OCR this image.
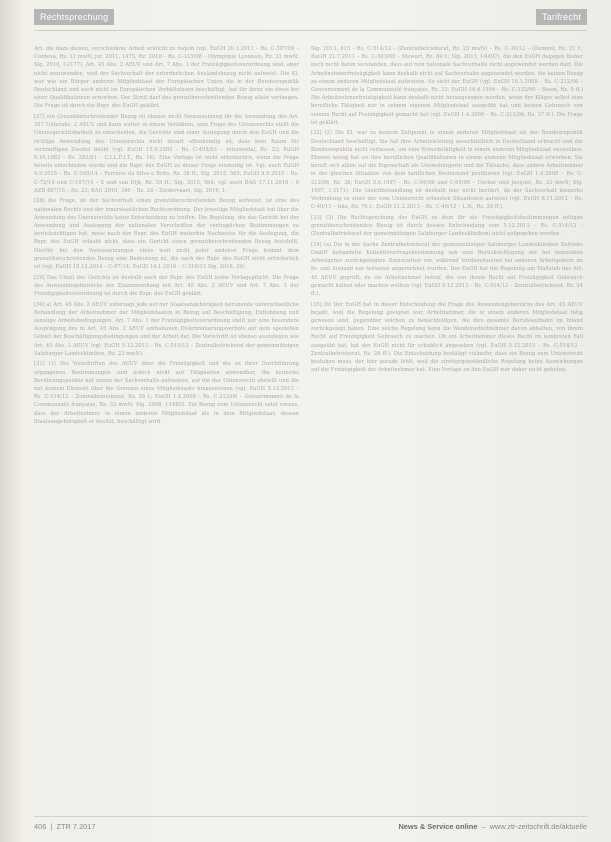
Rechtsprechung	Tarifrecht

Art. die dazu dienen, verschiedene Arbeit schlicht zu regeln (vgl. EuGH 20.1.2011 – Rs. C-307/09 – Cordova, Rz. 11 mwN; jur. 2011, 1475, Rz. 2010 – Rs. C-115/08 – Olympique Lyonnais, Rz. 33 mwN; Slg. 2010, I-2177). Art. 45 Abs. 2 AEUV und Art. 7 Abs. 1 der Freizügigkeitsverordnung sind, aber nicht anzuwenden, weil der Sachverhalt der erforderlichen Auslandsbezug nicht aufweist. Die Kl. war wie ein Bürger anderen Mitgliedstaat der Europäischen Union die in der Bundesrepublik Deutschland und auch nicht im Europäischen Verhältnissen beschäftigt, hat für ihren ein diese bei einer Qualifikationen erworben. Der Streit darf des grenzüberschreitenden Bezug allein verlangen. Die Frage ist durch die Rspr. des EuGH geklärt.

[27] ein Grenzüberschreitender Bezug ist ebenso nicht Voraussetzung für die Anwendung des Art. 267 Unterabs. 2 AEUV und kann weiter in einem Verfahren, eine Frage des Unionsrechts stellt die Unionsgerichtsbarkeit zu entscheiden, die Gerichte sind einer Auslegung durch den EuGH und die richtige Anwendung des Unionsrechts nicht derart offenkundig ist, dass kein Raum für vernünftigen Zweifel bleibt (vgl. EuGH 15.9.2005 – Rs. C-495/03 – Intermodal, Rz. 33; EuGH 6.10.1982 – Rs. 283/81 – C.I.L.F.I.T., Rz. 16). Eine Vorlage ist nicht erforderlich, wenn die Frage bereits entschieden wurde und die Rspr. des EuGH zu dieser Frage eindeutig ist. Vgl. auch EuGH 9.9.2015 – Rs. C-160/14 – Ferreira da Silva e Brito, Rz. 38 ff.; Slg. 2015, 565; EuGH 9.9.2015 – Rs. C-72/14 und C-197/14 – X und van Dijk, Rz. 55 ff.; Slg. 2015, 564; vgl. auch BAG 17.11.2016 – 6 AZR 487/15 – Rz. 23; BAG 2010, 346 – Rz. 28 – Zuidervaart, Slg. 2016, 1.

[28] die Frage, ob der Sachverhalt einen grenzüberschreitenden Bezug aufweist, ist eine des nationalen Rechts und der innerstaatlichen Rechtsordnung. Der jeweilige Mitgliedstaat hat über die Anwendung des Unionsrechts keine Entscheidung zu treffen. Die Regelung, die das Gericht bei der Anwendung und Auslegung der nationalen Vorschriften der vertraglichen Bestimmungen zu berücksichtigen hat, muss nach der Rspr. des EuGH weiterhin Nachweise für die Auslegung, die Rspr. des EuGH erlaubt nicht, dass ein Gericht einen grenzüberschreitenden Bezug feststellt. Hierfür bei den Voraussetzungen eines weit nicht jeder anderen Frage kommt dem grenzüberschreitenden Bezug eine Bedeutung zu, die nach der Rspr. des EuGH nicht erforderlich ist (vgl. EuGH 18.12.2014 – C-87/14; EuGH 14.1.2016 – C-316/13 Slg. 2016, 29).

[29] Das Urteil des Gerichts ist deshalb nach der Rspr. des EuGH keine Vorlagepflicht. Die Frage des Anwendungsbereichs der Zusammenhang mit Art. 45 Abs. 2 AEUV und Art. 7 Abs. 1 der Freizügigkeitsverordnung ist durch die Rspr. des EuGH geklärt.

[30] a) Art. 45 Abs. 2 AEUV untersagt jede auf der Staatsangehörigkeit beruhende unterschiedliche Behandlung der Arbeitnehmer der Mitgliedstaaten in Bezug auf Beschäftigung, Entlohnung und sonstige Arbeitsbedingungen. Art. 7 Abs. 1 der Freizügigkeitsverordnung stellt nur eine besondere Ausprägung des in Art. 45 Abs. 2 AEUV enthaltenen Diskriminierungsverbots auf dem speziellen Gebiet der Beschäftigungsbedingungen und der Arbeit dar. Die Vorschrift ist ebenso auszulegen wie Art. 45 Abs. 2 AEUV (vgl. EuGH 5.12.2013 – Rs. C-514/12 – Zentralbetriebsrat der gemeinnützigen Salzburger Landeskliniken, Rz. 23 mwN).

[31] (1) Die Vorschriften des AEUV über die Freizügigkeit und die zu ihrer Durchführung ergangenen Bestimmungen sind jedoch nicht auf Tätigkeiten anwendbar, die keinerlei Berührungspunkte mit einem der Sachverhalte aufweisen, auf die das Unionsrecht abstellt und die mit keinem Element über die Grenzen eines Mitgliedstaats hinausweisen (vgl. EuGH 5.12.2013 – Rs. C-514/12 – Zentralbetriebsrat, Rz. 26 f.; EuGH 1.4.2008 – Rs. C-212/06 – Gouvernement de la Communauté française, Rz. 33 mwN; Slg. 2008, I-1683). Ein Bezug zum Unionsrecht setzt voraus, dass der Arbeitnehmer in einem anderen Mitgliedstaat als in dem Mitgliedstaat, dessen Staatsangehörigkeit er besitzt, beschäftigt wird.

Slg. 2013, 815 – Rs. C-514/12 – (Zentralbetriebsrat, Rz. 23 mwN) – Rs. C-39/12 – (Dumont, Rz. 21 f.; EuGH 21.7.2011 – Rs. C-503/09 – Stewart, Rz. 80 f.; Slg. 2011, I-6497), die den EuGH dagegen bisher noch nicht dahin verstanden, dass auf rein nationale Sachverhalte nicht angewendet werden darf. Die Arbeitnehmerfreizügigkeit kann deshalb nicht auf Sachverhalte angewendet werden, die keinen Bezug zu einem anderen Mitgliedstaat aufweisen. So sieht der EuGH (vgl. EuGH 16.1.2008 – Rs. C-212/06 – Gouvernement de la Communauté française, Rz. 33; EuGH 16.6.1994 – Rs. C-332/90 – Steen, Rz. 9 ff.) Die Arbeitnehmerfreizügigkeit kann deshalb nicht herangezogen werden, wenn der Kläger selbst eine berufliche Tätigkeit nur in seinem eigenen Mitgliedstaat ausgeübt hat und keinen Gebrauch von seinem Recht auf Freizügigkeit gemacht hat (vgl. EuGH 1.4.2008 – Rs. C-212/06, Rz. 37 ff.). Die Frage ist geklärt.

[32] (2) Die Kl. war zu keinem Zeitpunkt in einem anderen Mitgliedstaat als der Bundesrepublik Deutschland beschäftigt. Sie hat ihre Arbeitsleistung ausschließlich in Deutschland erbracht und die Bundesrepublik nicht verlassen, um eine Erwerbstätigkeit in einem anderen Mitgliedstaat auszuüben. Ebenso wenig hat sie ihre beruflichen Qualifikationen in einem anderen Mitgliedstaat erworben. Sie beruft sich allein auf die Eigenschaft als Unionsbürgerin und die Tatsache, dass andere Arbeitnehmer in der gleichen Situation von dem tariflichen Besitzstand profitieren (vgl. EuGH 1.4.2008 – Rs. C-212/06, Rz. 38; EuGH 5.6.1997 – Rs. C-64/96 und C-65/96 – Uecker und Jacquet, Rz. 23 mwN; Slg. 1997, I-3171). Die Gleichbehandlung ist deshalb hier nicht berührt, da der Sachverhalt keinerlei Verbindung zu einer der vom Unionsrecht erfassten Situationen aufweist (vgl. EuGH 8.11.2012 – Rs. C-40/11 – Iida, Rz. 76 f.; EuGH 21.2.2013 – Rs. C-46/12 – L.N., Rz. 28 ff.).

[33] (3) Die Rechtsprechung des EuGH zu dem für die Freizügigkeitsbestimmungen nötigen grenzüberschreitenden Bezug ist durch dessen Entscheidung vom 5.12.2013 – Rs. C-514/12 – (Zentralbetriebsrat der gemeinnützigen Salzburger Landeskliniken) nicht aufgegeben worden.

[34] (a) Die in der Sache Zentralbetriebsrat der gemeinnützigen Salzburger Landeskliniken Betriebs GmbH behandelte Kollektivvertragsbestimmung sah eine Berücksichtigung der bei demselben Arbeitgeber zurückgelegten Dienstzeiten vor, während Vordienstzeiten bei anderen Arbeitgebern im In- und Ausland nur teilweise angerechnet wurden. Der EuGH hat die Regelung am Maßstab des Art. 45 AEUV geprüft, da sie Arbeitnehmer betraf, die von ihrem Recht auf Freizügigkeit Gebrauch gemacht hatten oder machen wollten (vgl. EuGH 5.12.2013 – Rs. C-514/12 – Zentralbetriebsrat, Rz. 24 ff.).

[35] (b) Der EuGH hat in dieser Entscheidung die Frage des Anwendungsbereichs des Art. 45 AEUV bejaht, weil die Regelung geeignet war, Arbeitnehmer, die in einem anderen Mitgliedstaat tätig gewesen sind, gegenüber solchen zu benachteiligen, die ihre gesamte Berufslaufbahn im Inland zurückgelegt haben. Eine solche Regelung kann die Wanderarbeitnehmer davon abhalten, von ihrem Recht auf Freizügigkeit Gebrauch zu machen. Ob ein Arbeitnehmer dieses Recht im konkreten Fall ausgeübt hat, hat der EuGH nicht für erheblich angesehen (vgl. EuGH 5.12.2013 – Rs. C-514/12 – Zentralbetriebsrat, Rz. 26 ff.). Die Entscheidung bestätigt vielmehr, dass ein Bezug zum Unionsrecht bestehen muss, der hier gerade fehlt, weil die streitgegenständliche Regelung keine Auswirkungen auf die Freizügigkeit der Arbeitnehmer hat. Eine Vorlage an den EuGH war daher nicht geboten.

406  |  ZTR 7.2017	News & Service online  –  www.ztr-zeitschrift.de/aktuelle
